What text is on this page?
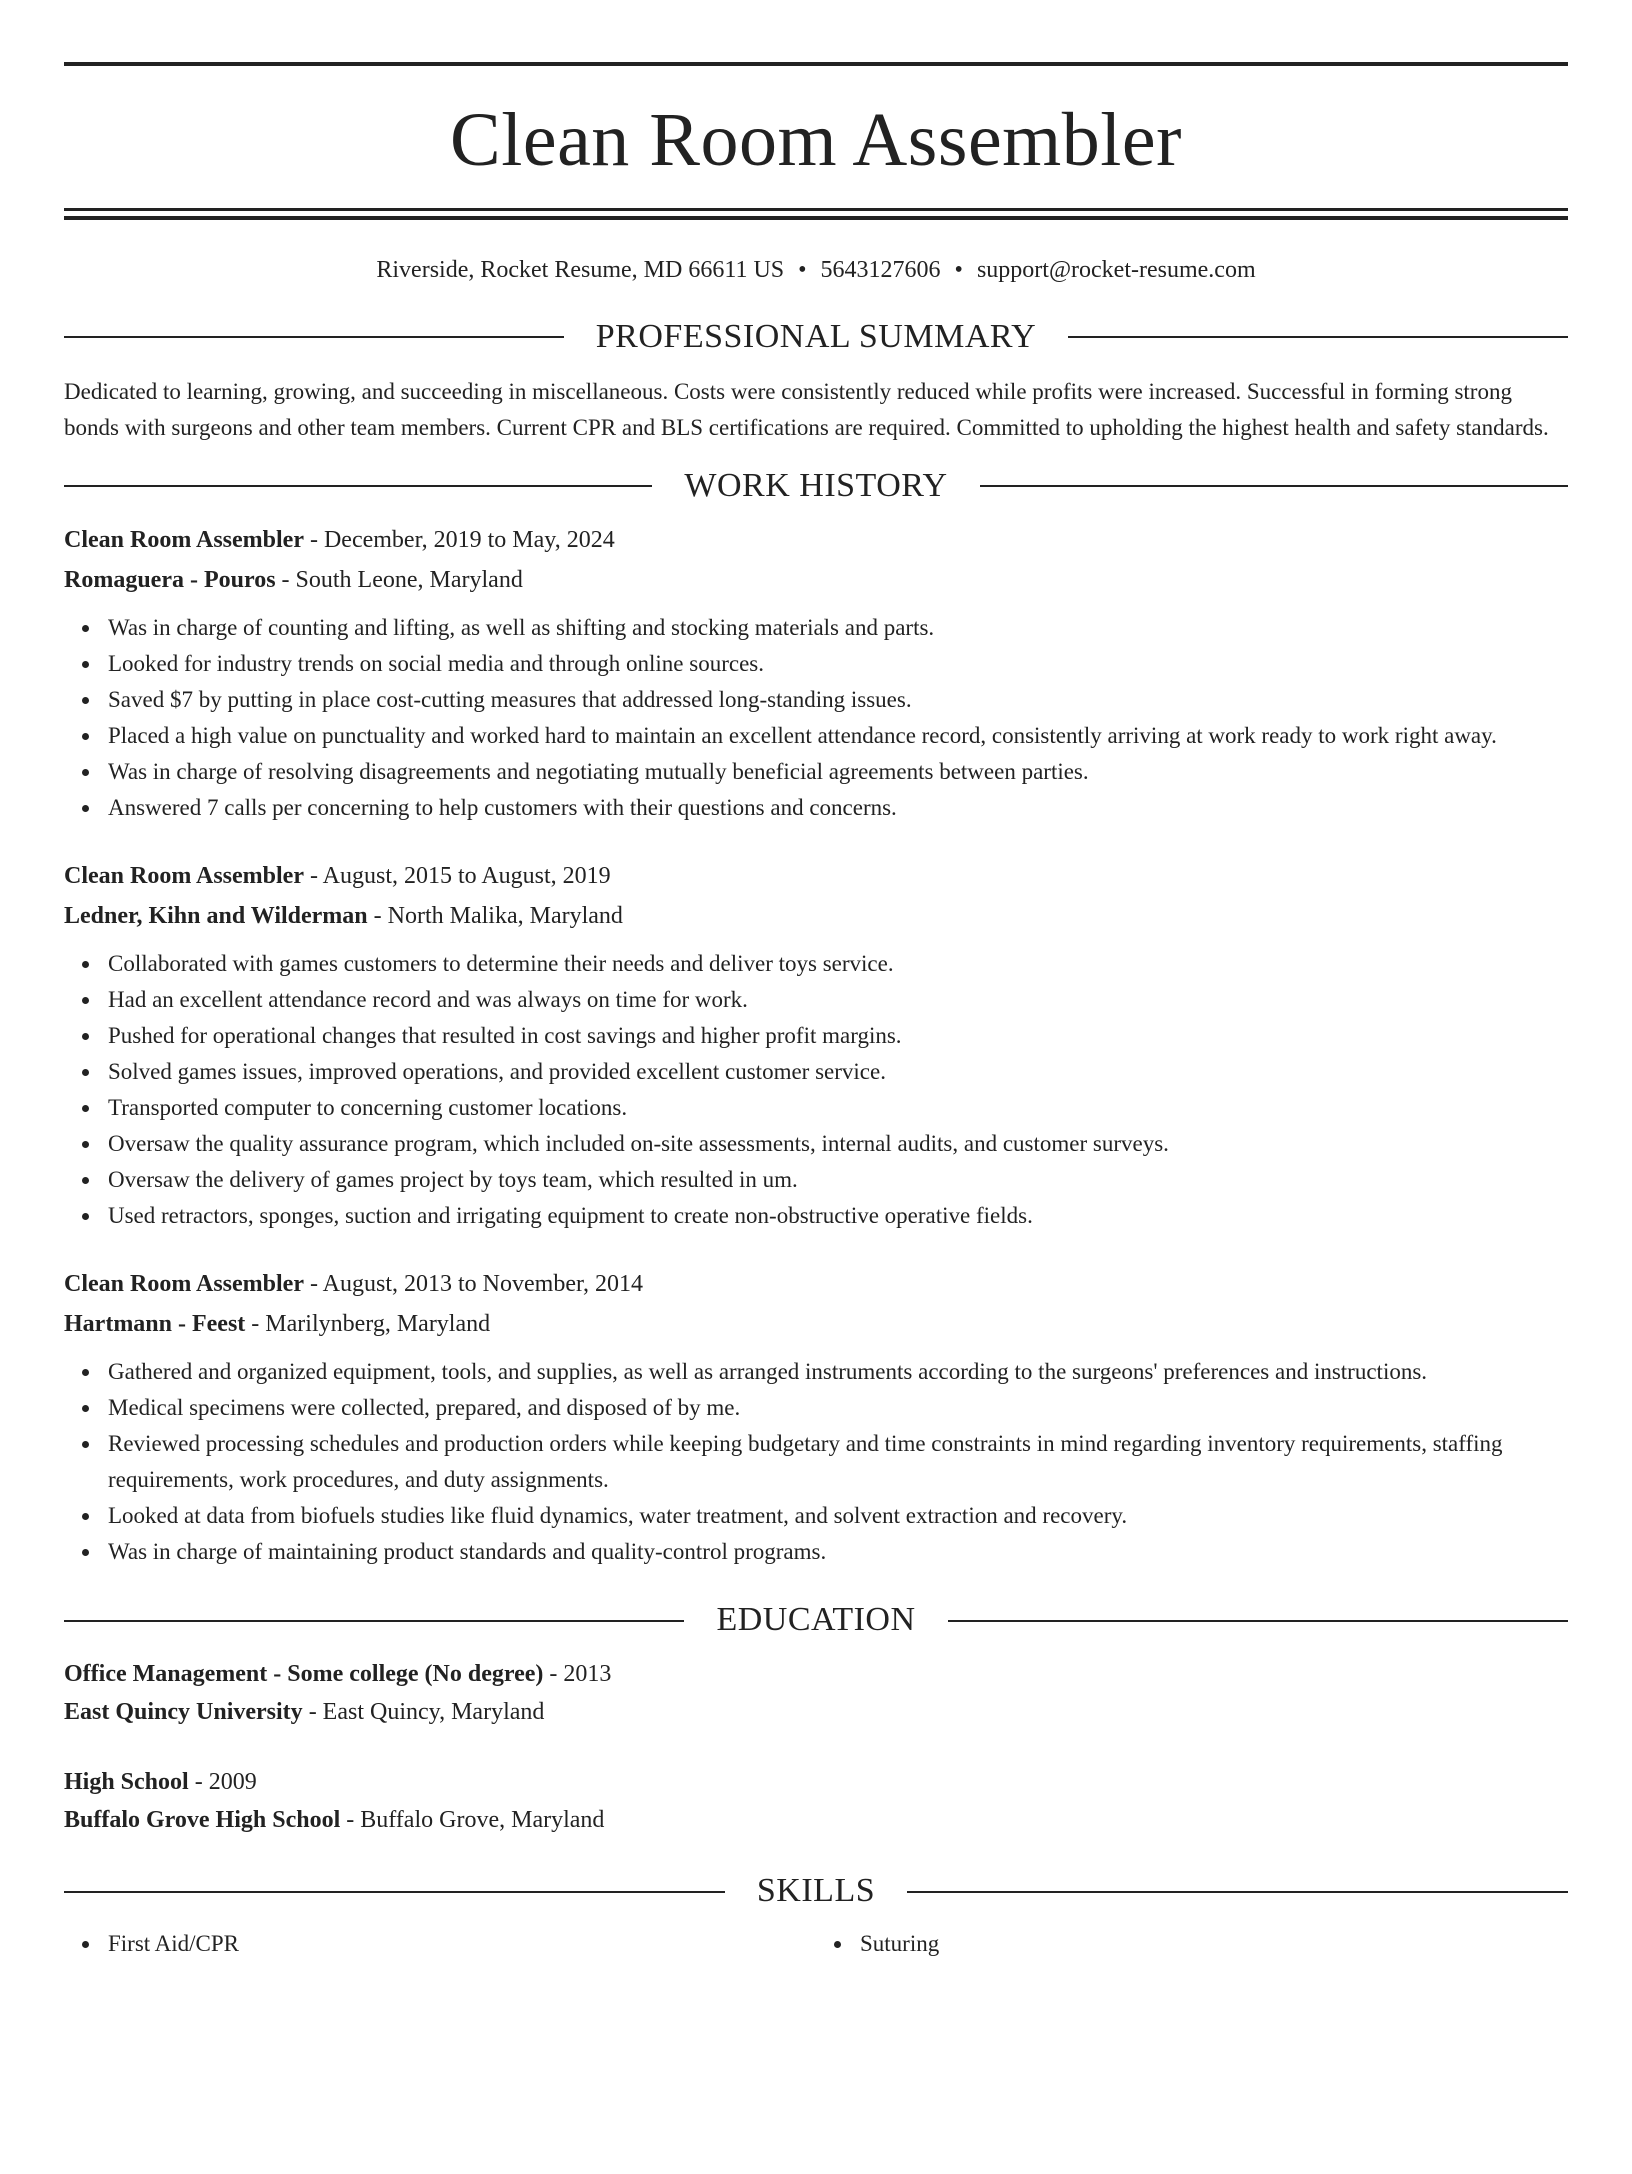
Clean Room Assembler
Riverside, Rocket Resume, MD 66611 US • 5643127606 • support@rocket-resume.com
PROFESSIONAL SUMMARY

Dedicated to learning, growing, and succeeding in miscellaneous. Costs were consistently reduced while profits were increased. Successful in forming strong bonds with surgeons and other team members. Current CPR and BLS certifications are required. Committed to upholding the highest health and safety standards.

WORK HISTORY
Clean Room Assembler - December, 2019 to May, 2024
Romaguera - Pouros - South Leone, Maryland
Was in charge of counting and lifting, as well as shifting and stocking materials and parts.
Looked for industry trends on social media and through online sources.
Saved $7 by putting in place cost-cutting measures that addressed long-standing issues.
Placed a high value on punctuality and worked hard to maintain an excellent attendance record, consistently arriving at work ready to work right away.
Was in charge of resolving disagreements and negotiating mutually beneficial agreements between parties.
Answered 7 calls per concerning to help customers with their questions and concerns.
Clean Room Assembler - August, 2015 to August, 2019
Ledner, Kihn and Wilderman - North Malika, Maryland
Collaborated with games customers to determine their needs and deliver toys service.
Had an excellent attendance record and was always on time for work.
Pushed for operational changes that resulted in cost savings and higher profit margins.
Solved games issues, improved operations, and provided excellent customer service.
Transported computer to concerning customer locations.
Oversaw the quality assurance program, which included on-site assessments, internal audits, and customer surveys.
Oversaw the delivery of games project by toys team, which resulted in um.
Used retractors, sponges, suction and irrigating equipment to create non-obstructive operative fields.
Clean Room Assembler - August, 2013 to November, 2014
Hartmann - Feest - Marilynberg, Maryland
Gathered and organized equipment, tools, and supplies, as well as arranged instruments according to the surgeons' preferences and instructions.
Medical specimens were collected, prepared, and disposed of by me.
Reviewed processing schedules and production orders while keeping budgetary and time constraints in mind regarding inventory requirements, staffing requirements, work procedures, and duty assignments.
Looked at data from biofuels studies like fluid dynamics, water treatment, and solvent extraction and recovery.
Was in charge of maintaining product standards and quality-control programs.
EDUCATION
Office Management - Some college (No degree) - 2013
East Quincy University - East Quincy, Maryland
High School - 2009
Buffalo Grove High School - Buffalo Grove, Maryland
SKILLS
First Aid/CPR	Suturing
